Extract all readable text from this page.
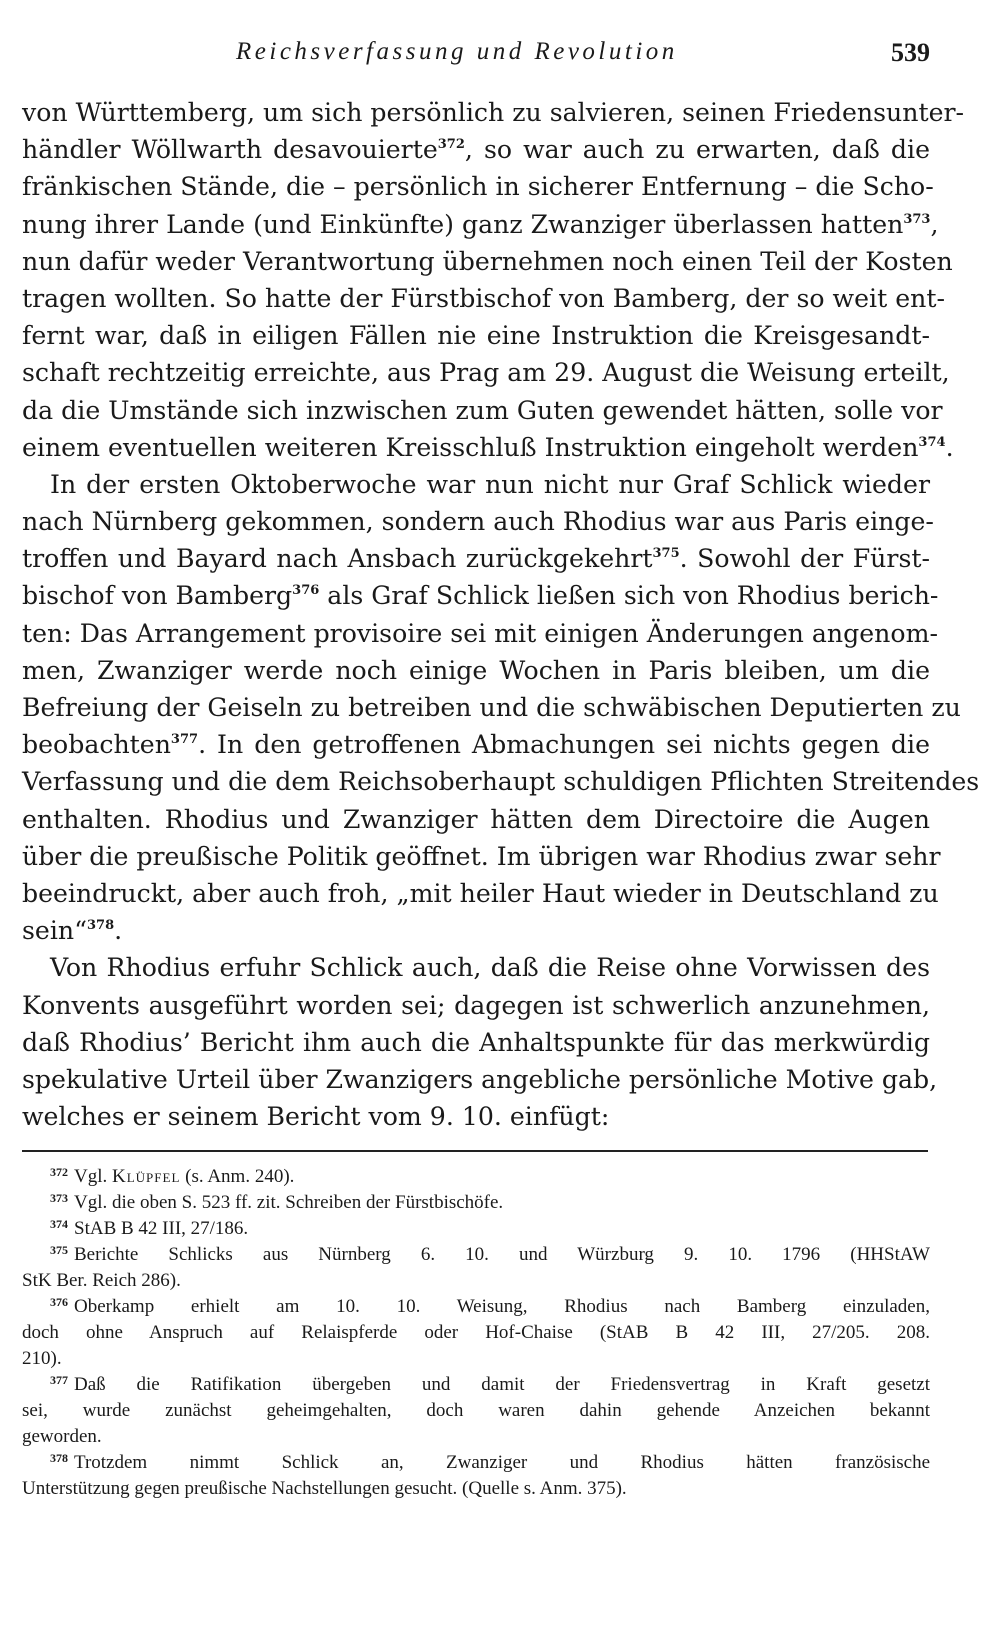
Reichsverfassung und Revolution	539
von Württemberg, um sich persönlich zu salvieren, seinen Friedensunter-
händler Wöllwarth desavouierte$^{372}$, so war auch zu erwarten, daß die
fränkischen Stände, die – persönlich in sicherer Entfernung – die Scho-
nung ihrer Lande (und Einkünfte) ganz Zwanziger überlassen hatten$^{373}$,
nun dafür weder Verantwortung übernehmen noch einen Teil der Kosten
tragen wollten. So hatte der Fürstbischof von Bamberg, der so weit ent-
fernt war, daß in eiligen Fällen nie eine Instruktion die Kreisgesandt-
schaft rechtzeitig erreichte, aus Prag am 29. August die Weisung erteilt,
da die Umstände sich inzwischen zum Guten gewendet hätten, solle vor
einem eventuellen weiteren Kreisschluß Instruktion eingeholt werden$^{374}$.
In der ersten Oktoberwoche war nun nicht nur Graf Schlick wieder
nach Nürnberg gekommen, sondern auch Rhodius war aus Paris einge-
troffen und Bayard nach Ansbach zurückgekehrt$^{375}$. Sowohl der Fürst-
bischof von Bamberg$^{376}$ als Graf Schlick ließen sich von Rhodius berich-
ten: Das Arrangement provisoire sei mit einigen Änderungen angenom-
men, Zwanziger werde noch einige Wochen in Paris bleiben, um die
Befreiung der Geiseln zu betreiben und die schwäbischen Deputierten zu
beobachten$^{377}$. In den getroffenen Abmachungen sei nichts gegen die
Verfassung und die dem Reichsoberhaupt schuldigen Pflichten Streitendes
enthalten. Rhodius und Zwanziger hätten dem Directoire die Augen
über die preußische Politik geöffnet. Im übrigen war Rhodius zwar sehr
beeindruckt, aber auch froh, „mit heiler Haut wieder in Deutschland zu
sein“$^{378}$.
Von Rhodius erfuhr Schlick auch, daß die Reise ohne Vorwissen des
Konvents ausgeführt worden sei; dagegen ist schwerlich anzunehmen,
daß Rhodius’ Bericht ihm auch die Anhaltspunkte für das merkwürdig
spekulative Urteil über Zwanzigers angebliche persönliche Motive gab,
welches er seinem Bericht vom 9. 10. einfügt:
$^{372}$ Vgl. Klüpfel (s. Anm. 240).
$^{373}$ Vgl. die oben S. 523 ff. zit. Schreiben der Fürstbischöfe.
$^{374}$ StAB B 42 III, 27/186.
$^{375}$ Berichte Schlicks aus Nürnberg 6. 10. und Würzburg 9. 10. 1796 (HHStAW
StK Ber. Reich 286).
$^{376}$ Oberkamp erhielt am 10. 10. Weisung, Rhodius nach Bamberg einzuladen,
doch ohne Anspruch auf Relaispferde oder Hof-Chaise (StAB B 42 III, 27/205. 208.
210).
$^{377}$ Daß die Ratifikation übergeben und damit der Friedensvertrag in Kraft gesetzt
sei, wurde zunächst geheimgehalten, doch waren dahin gehende Anzeichen bekannt
geworden.
$^{378}$ Trotzdem nimmt Schlick an, Zwanziger und Rhodius hätten französische
Unterstützung gegen preußische Nachstellungen gesucht. (Quelle s. Anm. 375).
